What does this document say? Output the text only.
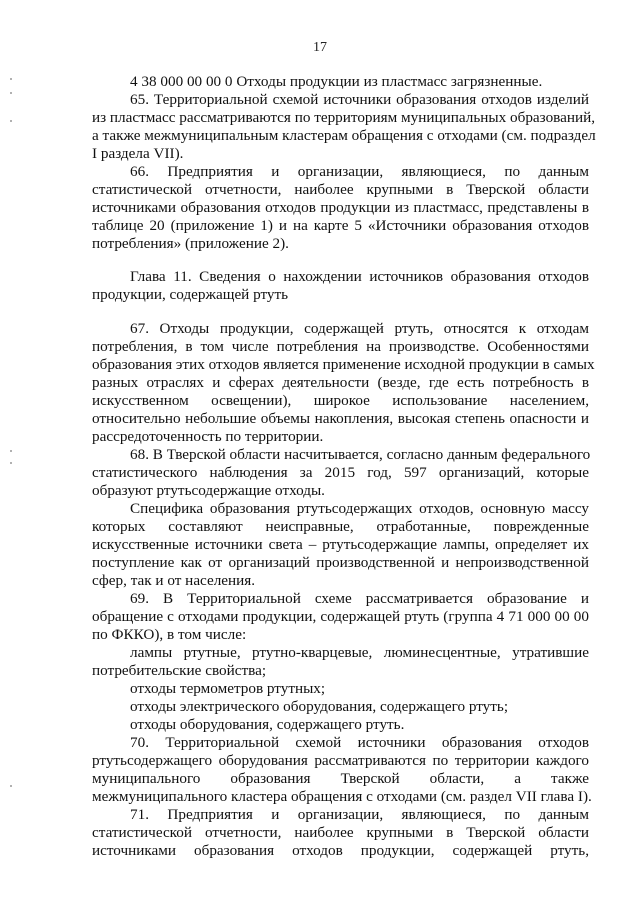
17
4 38 000 00 00 0 Отходы продукции из пластмасс загрязненные.
65. Территориальной схемой источники образования отходов изделий
из пластмасс рассматриваются по территориям муниципальных образований,
а также межмуниципальным кластерам обращения с отходами (см. подраздел
I раздела VII).
66. Предприятия и организации, являющиеся, по данным
статистической отчетности, наиболее крупными в Тверской области
источниками образования отходов продукции из пластмасс, представлены в
таблице 20 (приложение 1) и на карте 5 «Источники образования отходов
потребления» (приложение 2).
Глава 11. Сведения о нахождении источников образования отходов
продукции, содержащей ртуть
67. Отходы продукции, содержащей ртуть, относятся к отходам
потребления, в том числе потребления на производстве. Особенностями
образования этих отходов является применение исходной продукции в самых
разных отраслях и сферах деятельности (везде, где есть потребность в
искусственном освещении), широкое использование населением,
относительно небольшие объемы накопления, высокая степень опасности и
рассредоточенность по территории.
68. В Тверской области насчитывается, согласно данным федерального
статистического наблюдения за 2015 год, 597 организаций, которые
образуют ртутьсодержащие отходы.
Специфика образования ртутьсодержащих отходов, основную массу
которых составляют неисправные, отработанные, поврежденные
искусственные источники света – ртутьсодержащие лампы, определяет их
поступление как от организаций производственной и непроизводственной
сфер, так и от населения.
69. В Территориальной схеме рассматривается образование и
обращение с отходами продукции, содержащей ртуть (группа 4 71 000 00 00
по ФККО), в том числе:
лампы ртутные, ртутно-кварцевые, люминесцентные, утратившие
потребительские свойства;
отходы термометров ртутных;
отходы электрического оборудования, содержащего ртуть;
отходы оборудования, содержащего ртуть.
70. Территориальной схемой источники образования отходов
ртутьсодержащего оборудования рассматриваются по территории каждого
муниципального образования Тверской области, а также
межмуниципального кластера обращения с отходами (см. раздел VII глава I).
71. Предприятия и организации, являющиеся, по данным
статистической отчетности, наиболее крупными в Тверской области
источниками образования отходов продукции, содержащей ртуть,
